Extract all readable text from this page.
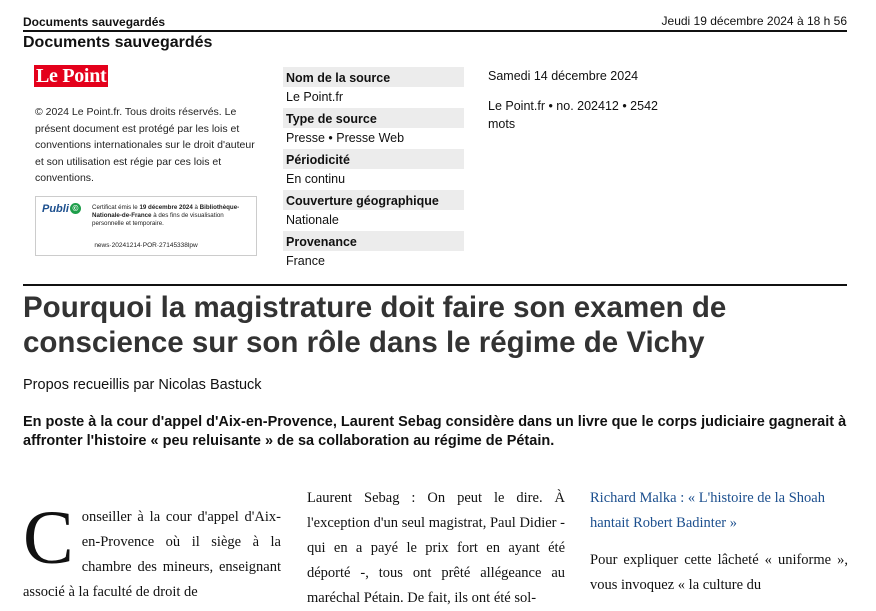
Documents sauvegardés	Jeudi 19 décembre 2024 à 18 h 56
Documents sauvegardés
Le Point
© 2024 Le Point.fr. Tous droits réservés. Le présent document est protégé par les lois et conventions internationales sur le droit d'auteur et son utilisation est régie par ces lois et conventions.
Publi ©	Certificat émis le 19 décembre 2024 à Bibliothèque-Nationale-de-France à des fins de visualisation personnelle et temporaire.
news·20241214·POR·27145338lpw
Nom de la source
Le Point.fr
Type de source
Presse • Presse Web
Périodicité
En continu
Couverture géographique
Nationale
Provenance
France
Samedi 14 décembre 2024
Le Point.fr • no. 202412 • 2542 mots
Pourquoi la magistrature doit faire son examen de conscience sur son rôle dans le régime de Vichy
Propos recueillis par Nicolas Bastuck
En poste à la cour d'appel d'Aix-en-Provence, Laurent Sebag considère dans un livre que le corps judiciaire gagnerait à affronter l'histoire « peu reluisante » de sa collaboration au régime de Pétain.
Conseiller à la cour d'appel d'Aix-en-Provence où il siège à la chambre des mineurs, enseignant associé à la faculté de droit de
Laurent Sebag : On peut le dire. À l'exception d'un seul magistrat, Paul Didier - qui en a payé le prix fort en ayant été déporté -, tous ont prêté allégeance au maréchal Pétain. De fait, ils ont été sol-
Richard Malka : « L'histoire de la Shoah hantait Robert Badinter »
Pour expliquer cette lâcheté « uniforme », vous invoquez « la culture du
